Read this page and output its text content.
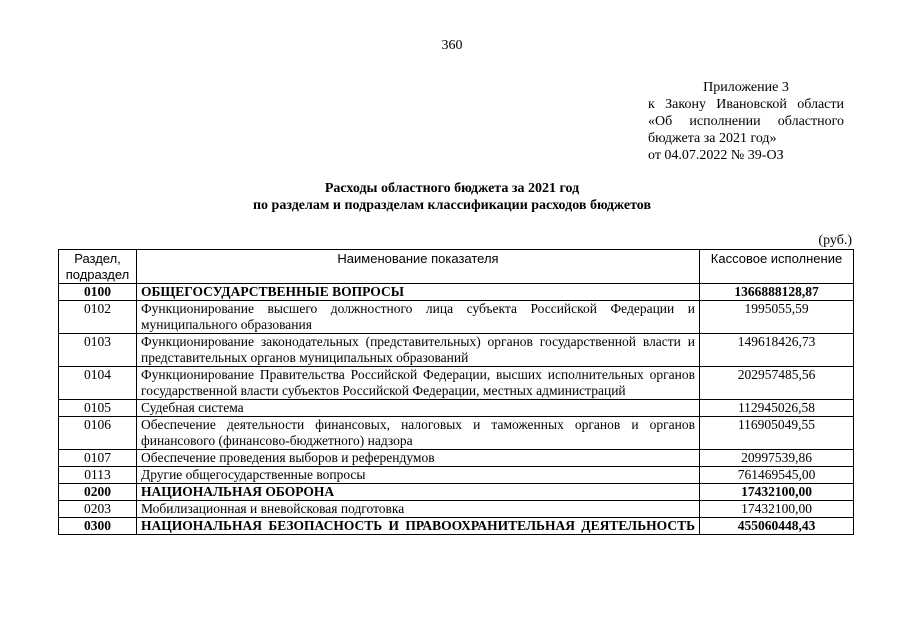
360
Приложение 3
к Закону Ивановской области
«Об исполнении областного
бюджета за 2021 год»
от 04.07.2022 № 39-ОЗ
Расходы областного бюджета за 2021 год
по разделам и подразделам классификации расходов бюджетов
(руб.)
Раздел, подраздел	Наименование показателя	Кассовое исполнение
0100	ОБЩЕГОСУДАРСТВЕННЫЕ ВОПРОСЫ	1366888128,87
0102	Функционирование высшего должностного лица субъекта Российской Федерации и муниципального образования	1995055,59
0103	Функционирование законодательных (представительных) органов государственной власти и представительных органов муниципальных образований	149618426,73
0104	Функционирование Правительства Российской Федерации, высших исполнительных органов государственной власти субъектов Российской Федерации, местных администраций	202957485,56
0105	Судебная система	112945026,58
0106	Обеспечение деятельности финансовых, налоговых и таможенных органов и органов финансового (финансово-бюджетного) надзора	116905049,55
0107	Обеспечение проведения выборов и референдумов	20997539,86
0113	Другие общегосударственные вопросы	761469545,00
0200	НАЦИОНАЛЬНАЯ ОБОРОНА	17432100,00
0203	Мобилизационная и вневойсковая подготовка	17432100,00
0300	НАЦИОНАЛЬНАЯ БЕЗОПАСНОСТЬ И ПРАВООХРАНИТЕЛЬНАЯ ДЕЯТЕЛЬНОСТЬ	455060448,43
